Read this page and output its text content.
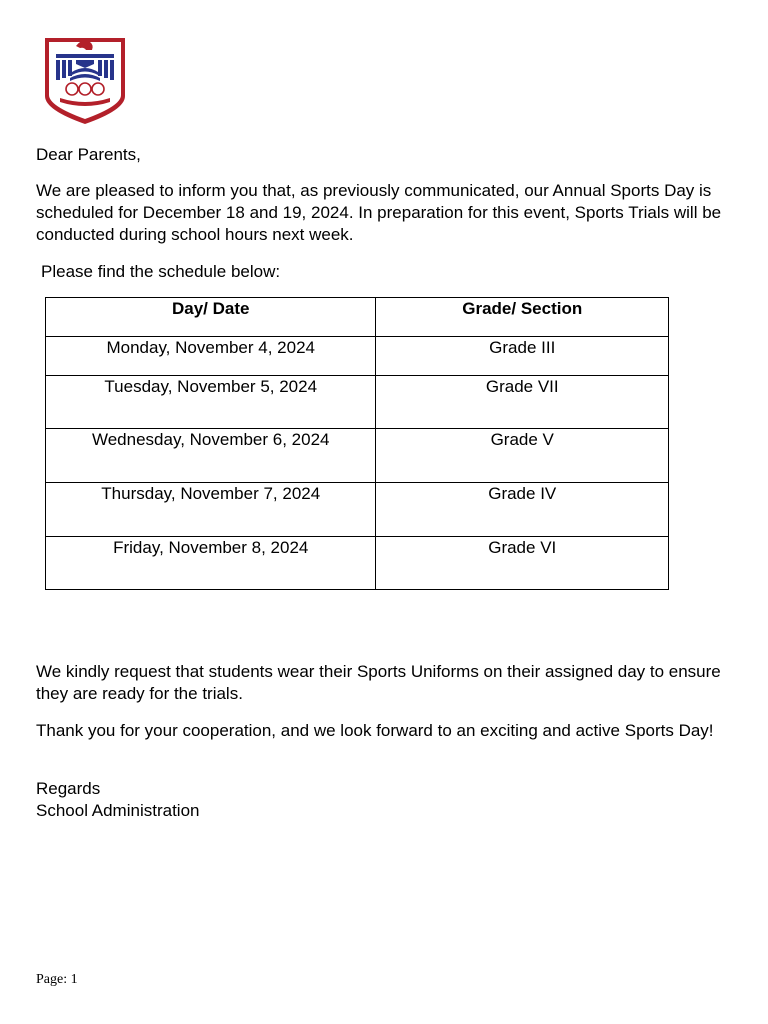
Dear Parents,

We are pleased to inform you that, as previously communicated, our Annual Sports Day is scheduled for December 18 and 19, 2024. In preparation for this event, Sports Trials will be conducted during school hours next week.

Please find the schedule below:

Day/ Date	Grade/ Section
Monday, November 4, 2024	Grade III
Tuesday, November 5, 2024	Grade VII
Wednesday, November 6, 2024	Grade V
Thursday, November 7, 2024	Grade IV
Friday, November 8, 2024	Grade VI

We kindly request that students wear their Sports Uniforms on their assigned day to ensure they are ready for the trials.

Thank you for your cooperation, and we look forward to an exciting and active Sports Day!

Regards

School Administration

Page: 1
